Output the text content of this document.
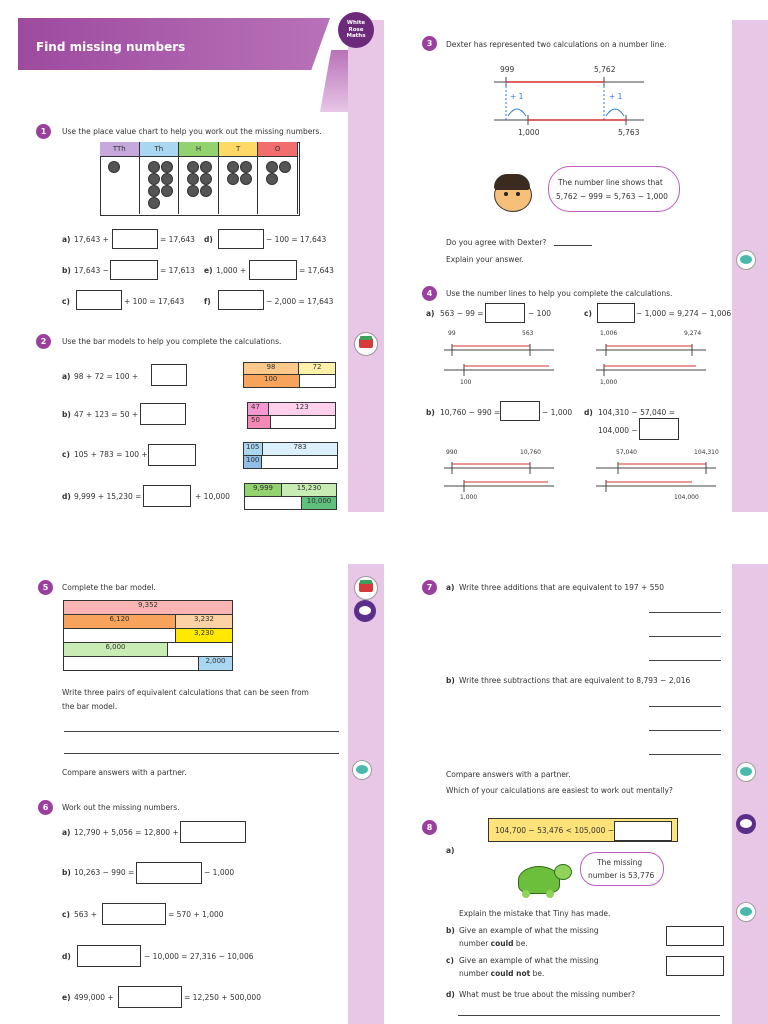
Find missing numbers
White
Rose
Maths
1	Use the place value chart to help you work out the missing numbers.
TTh	Th	H	T	O
a) 17,643 +	= 17,643 d)	− 100 = 17,643
b) 17,643 −	= 17,613 e) 1,000 +	= 17,643
c)	+ 100 = 17,643	f)	− 2,000 = 17,643
2	Use the bar models to help you complete the calculations.
a) 98 + 72 = 100 +
98	72
100
b) 47 + 123 = 50 +
47	123
50
c) 105 + 783 = 100 +
105	783
100
d) 9,999 + 15,230 =	+ 10,000
9,999	15,230
10,000
3	Dexter has represented two calculations on a number line.
999	5,762
+ 1	+ 1
1,000	5,763
The number line shows that
5,762 − 999 = 5,763 − 1,000
Do you agree with Dexter?
Explain your answer.
4	Use the number lines to help you complete the calculations.
a) 563 − 99 =	− 100	c)	− 1,000 = 9,274 − 1,006
99	563
100
1,006	9,274
1,000
b) 10,760 − 990 =	− 1,000 d) 104,310 − 57,040 =
104,000 −
990	10,760
1,000
57,040	104,310
104,000
5	Complete the bar model.
9,352
6,120	3,232
3,230
6,000
2,000
Write three pairs of equivalent calculations that can be seen from
the bar model.
Compare answers with a partner.
6	Work out the missing numbers.
a) 12,790 + 5,056 = 12,800 +
b) 10,263 − 990 =	− 1,000
c) 563 +	= 570 + 1,000
d)	− 10,000 = 27,316 − 10,006
e) 499,000 +	= 12,250 + 500,000
7	a) Write three additions that are equivalent to 197 + 550
b) Write three subtractions that are equivalent to 8,793 − 2,016
Compare answers with a partner.
Which of your calculations are easiest to work out mentally?
8	104,700 − 53,476 < 105,000 −
a)
The missing
number is 53,776
Explain the mistake that Tiny has made.
b) Give an example of what the missing
number could be.
c) Give an example of what the missing
number could not be.
d) What must be true about the missing number?
